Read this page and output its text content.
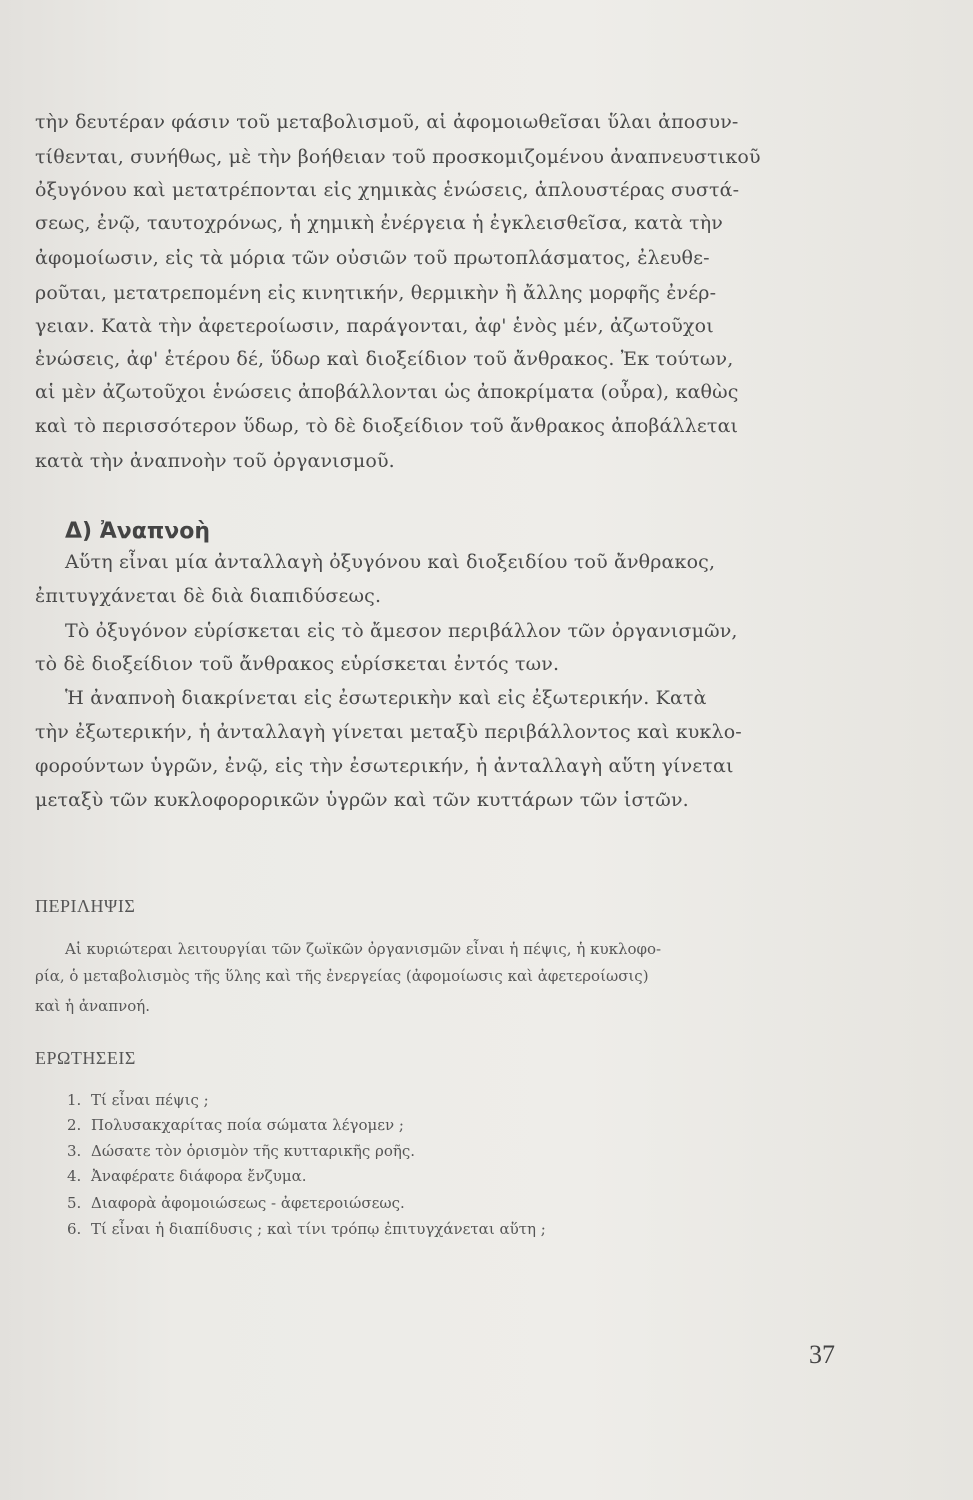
τὴν δευτέραν φάσιν τοῦ μεταβολισμοῦ, αἱ ἀφομοιωθεῖσαι ὕλαι ἀποσυν-
τίθενται, συνήθως, μὲ τὴν βοήθειαν τοῦ προσκομιζομένου ἀναπνευστικοῦ
ὀξυγόνου καὶ μετατρέπονται εἰς χημικὰς ἑνώσεις, ἁπλουστέρας συστά-
σεως, ἐνῷ, ταυτοχρόνως, ἡ χημικὴ ἐνέργεια ἡ ἐγκλεισθεῖσα, κατὰ τὴν
ἀφομοίωσιν, εἰς τὰ μόρια τῶν οὐσιῶν τοῦ πρωτοπλάσματος, ἐλευθε-
ροῦται, μετατρεπομένη εἰς κινητικήν, θερμικὴν ἢ ἄλλης μορφῆς ἐνέρ-
γειαν. Κατὰ τὴν ἀφετεροίωσιν, παράγονται, ἀφ' ἑνὸς μέν, ἀζωτοῦχοι
ἑνώσεις, ἀφ' ἑτέρου δέ, ὕδωρ καὶ διοξείδιον τοῦ ἄνθρακος. Ἐκ τούτων,
αἱ μὲν ἀζωτοῦχοι ἑνώσεις ἀποβάλλονται ὡς ἀποκρίματα (οὖρα), καθὼς
καὶ τὸ περισσότερον ὕδωρ, τὸ δὲ διοξείδιον τοῦ ἄνθρακος ἀποβάλλεται
κατὰ τὴν ἀναπνοὴν τοῦ ὀργανισμοῦ.
Δ) Ἀναπνοὴ
Αὕτη εἶναι μία ἀνταλλαγὴ ὀξυγόνου καὶ διοξειδίου τοῦ ἄνθρακος,
ἐπιτυγχάνεται δὲ διὰ διαπιδύσεως.
Τὸ ὀξυγόνον εὑρίσκεται εἰς τὸ ἄμεσον περιβάλλον τῶν ὀργανισμῶν,
τὸ δὲ διοξείδιον τοῦ ἄνθρακος εὑρίσκεται ἐντός των.
Ἡ ἀναπνοὴ διακρίνεται εἰς ἐσωτερικὴν καὶ εἰς ἐξωτερικήν. Κατὰ
τὴν ἐξωτερικήν, ἡ ἀνταλλαγὴ γίνεται μεταξὺ περιβάλλοντος καὶ κυκλο-
φορούντων ὑγρῶν, ἐνῷ, εἰς τὴν ἐσωτερικήν, ἡ ἀνταλλαγὴ αὕτη γίνεται
μεταξὺ τῶν κυκλοφορορικῶν ὑγρῶν καὶ τῶν κυττάρων τῶν ἱστῶν.
ΠΕΡΙΛΗΨΙΣ
Αἱ κυριώτεραι λειτουργίαι τῶν ζωϊκῶν ὀργανισμῶν εἶναι ἡ πέψις, ἡ κυκλοφο-
ρία, ὁ μεταβολισμὸς τῆς ὕλης καὶ τῆς ἐνεργείας (ἀφομοίωσις καὶ ἀφετεροίωσις)
καὶ ἡ ἀναπνοή.
ΕΡΩΤΗΣΕΙΣ
1. Τί εἶναι πέψις ;
2. Πολυσακχαρίτας ποία σώματα λέγομεν ;
3. Δώσατε τὸν ὁρισμὸν τῆς κυτταρικῆς ροῆς.
4. Ἀναφέρατε διάφορα ἔνζυμα.
5. Διαφορὰ ἀφομοιώσεως - ἀφετεροιώσεως.
6. Τί εἶναι ἡ διαπίδυσις ; καὶ τίνι τρόπῳ ἐπιτυγχάνεται αὕτη ;
37
